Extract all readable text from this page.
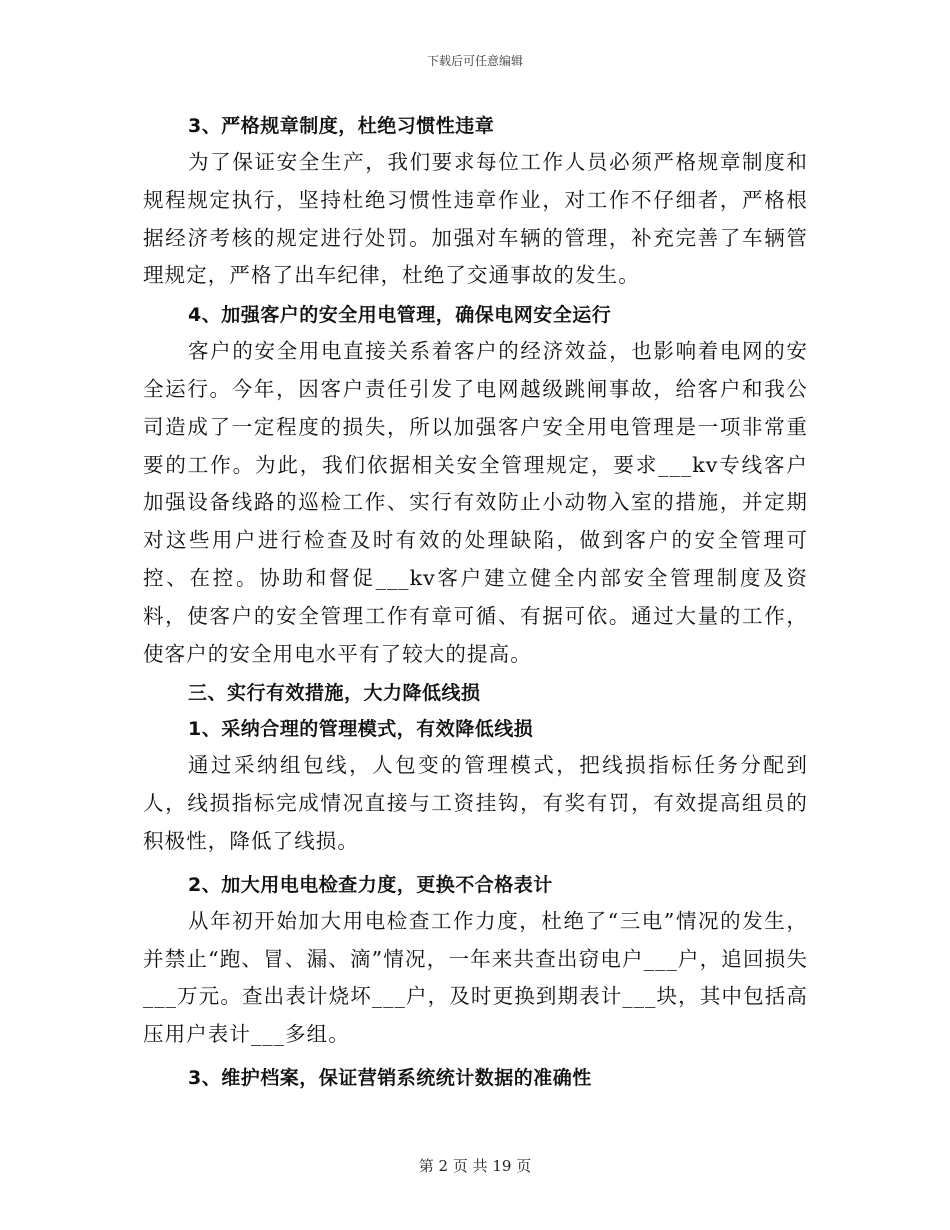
下载后可任意编辑
3、严格规章制度，杜绝习惯性违章

为了保证安全生产，我们要求每位工作人员必须严格规章制度和规程规定执行，坚持杜绝习惯性违章作业，对工作不仔细者，严格根据经济考核的规定进行处罚。加强对车辆的管理，补充完善了车辆管理规定，严格了出车纪律，杜绝了交通事故的发生。

4、加强客户的安全用电管理，确保电网安全运行

客户的安全用电直接关系着客户的经济效益，也影响着电网的安全运行。今年，因客户责任引发了电网越级跳闸事故，给客户和我公司造成了一定程度的损失，所以加强客户安全用电管理是一项非常重要的工作。为此，我们依据相关安全管理规定，要求___kv专线客户加强设备线路的巡检工作、实行有效防止小动物入室的措施，并定期对这些用户进行检查及时有效的处理缺陷，做到客户的安全管理可控、在控。协助和督促___kv客户建立健全内部安全管理制度及资料，使客户的安全管理工作有章可循、有据可依。通过大量的工作，使客户的安全用电水平有了较大的提高。

三、实行有效措施，大力降低线损
1、采纳合理的管理模式，有效降低线损

通过采纳组包线，人包变的管理模式，把线损指标任务分配到人，线损指标完成情况直接与工资挂钩，有奖有罚，有效提高组员的积极性，降低了线损。

2、加大用电电检查力度，更换不合格表计

从年初开始加大用电检查工作力度，杜绝了“三电”情况的发生，并禁止“跑、冒、漏、滴”情况，一年来共查出窃电户___户，追回损失___万元。查出表计烧坏___户，及时更换到期表计___块，其中包括高压用户表计___多组。

3、维护档案，保证营销系统统计数据的准确性
第 2 页 共 19 页
